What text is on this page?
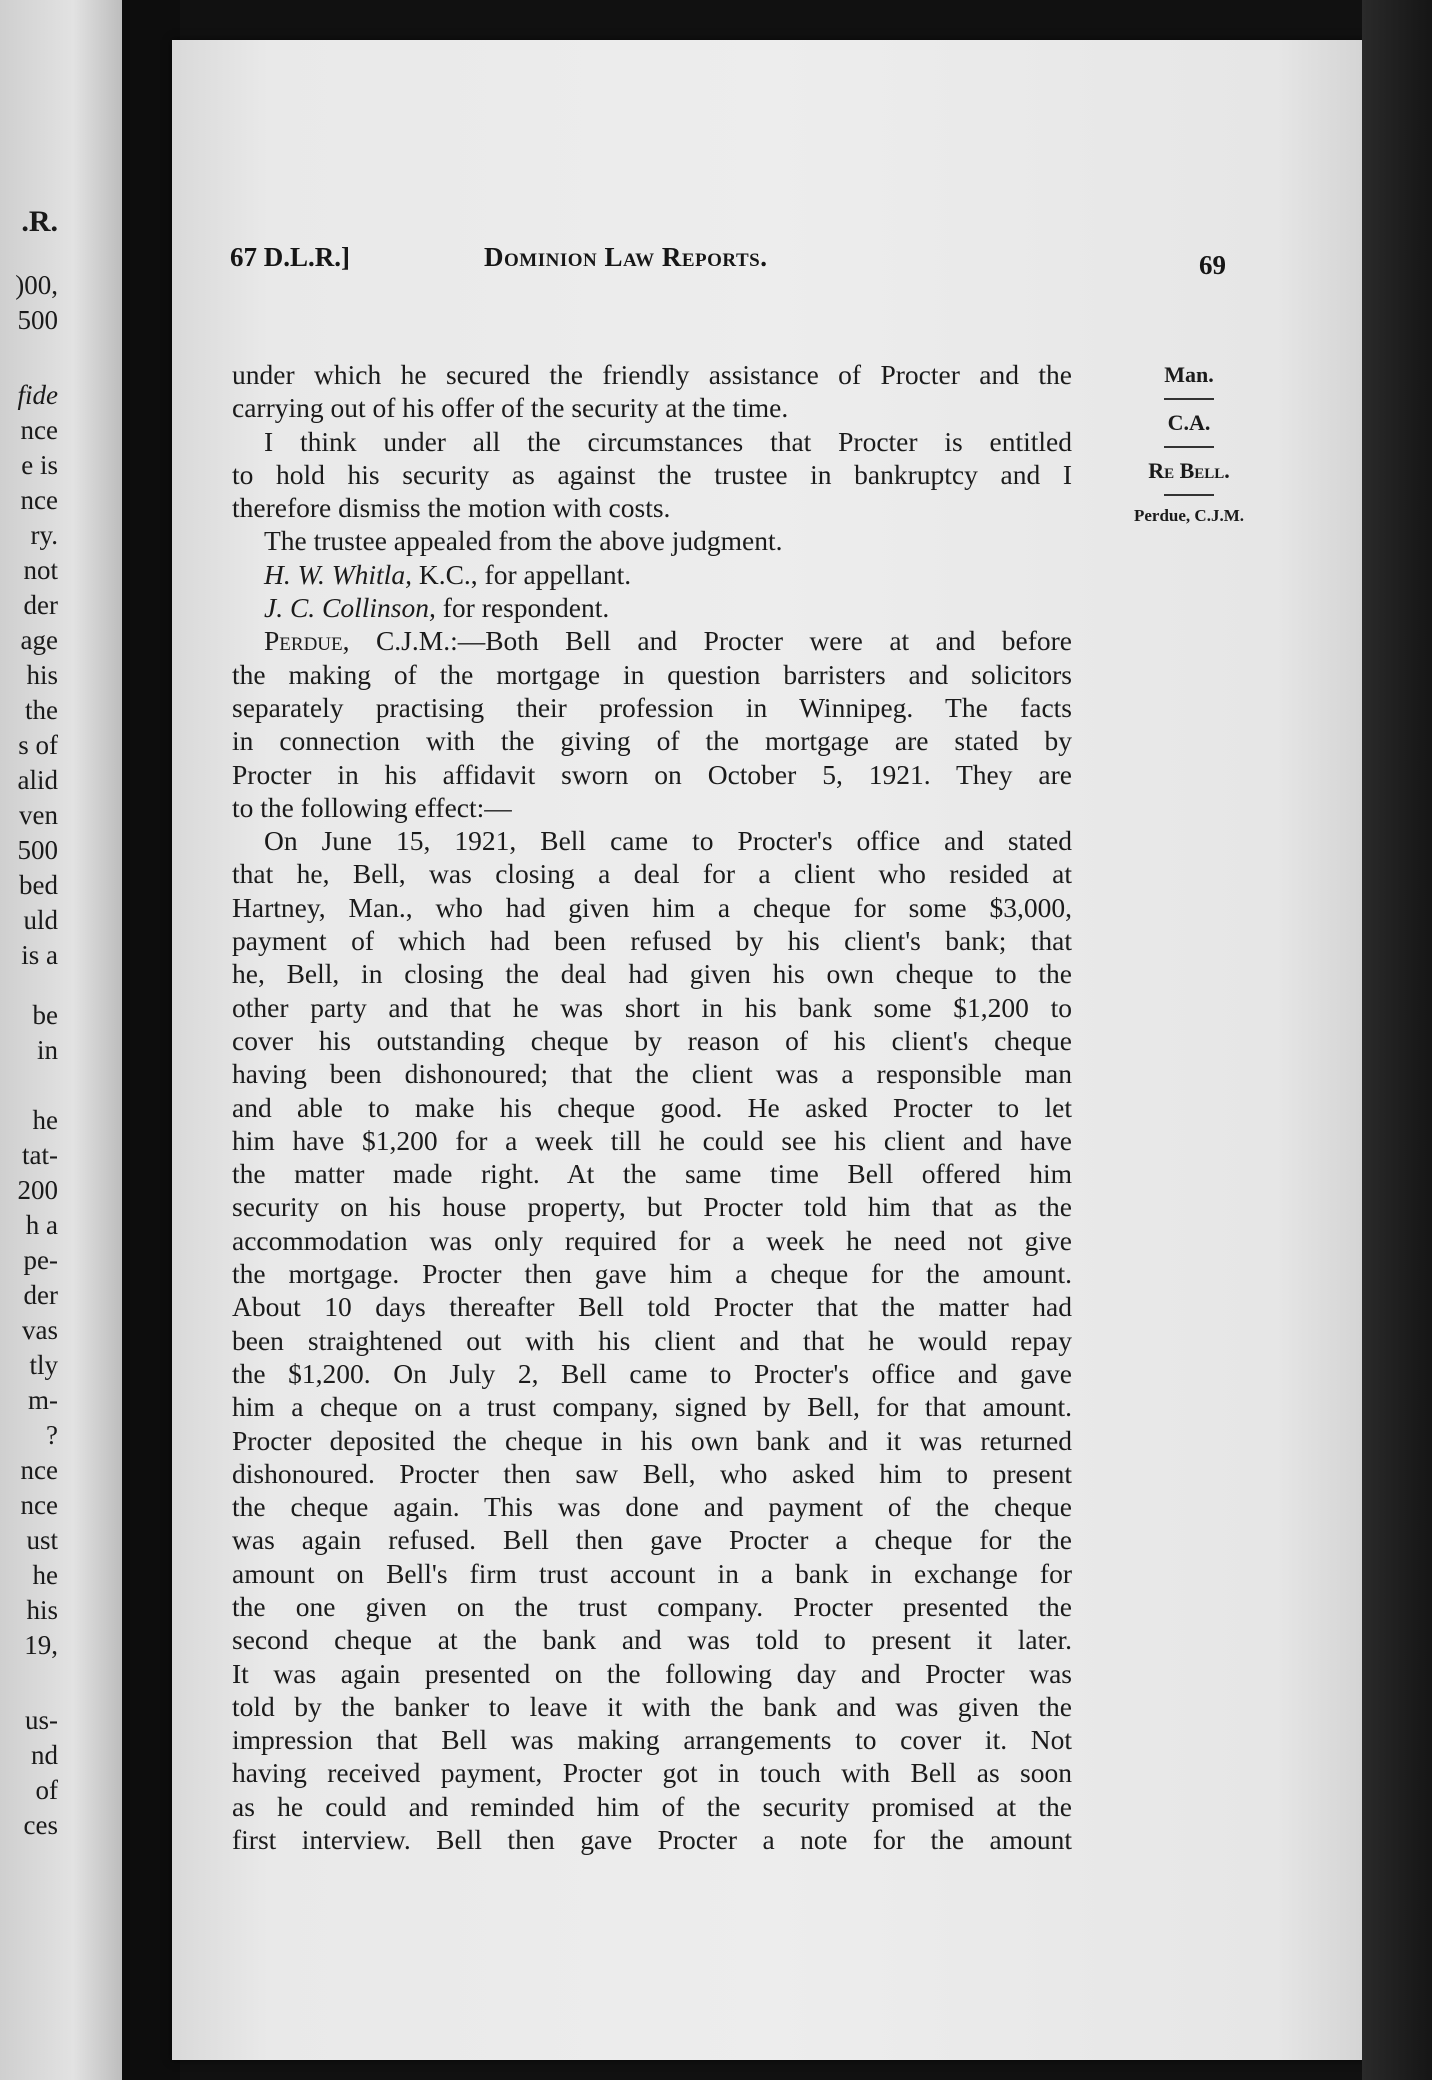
.R.
)00,
500
fide
nce
e is
nce
ry.
not
der
age
his
the
s of
alid
ven
500
bed
uld
is a
be
in
he
tat-
200
h a
pe-
der
vas
tly
m-
?
nce
nce
ust
he
his
19,
us-
nd
of
ces
67 D.L.R.]	Dominion Law Reports.	69
under which he secured the friendly assistance of Procter and the
carrying out of his offer of the security at the time.
I think under all the circumstances that Procter is entitled
to hold his security as against the trustee in bankruptcy and I
therefore dismiss the motion with costs.
The trustee appealed from the above judgment.
H. W. Whitla, K.C., for appellant.
J. C. Collinson, for respondent.
Perdue, C.J.M.:—Both Bell and Procter were at and before
the making of the mortgage in question barristers and solicitors
separately practising their profession in Winnipeg. The facts
in connection with the giving of the mortgage are stated by
Procter in his affidavit sworn on October 5, 1921. They are
to the following effect:—
On June 15, 1921, Bell came to Procter's office and stated
that he, Bell, was closing a deal for a client who resided at
Hartney, Man., who had given him a cheque for some $3,000,
payment of which had been refused by his client's bank; that
he, Bell, in closing the deal had given his own cheque to the
other party and that he was short in his bank some $1,200 to
cover his outstanding cheque by reason of his client's cheque
having been dishonoured; that the client was a responsible man
and able to make his cheque good. He asked Procter to let
him have $1,200 for a week till he could see his client and have
the matter made right. At the same time Bell offered him
security on his house property, but Procter told him that as the
accommodation was only required for a week he need not give
the mortgage. Procter then gave him a cheque for the amount.
About 10 days thereafter Bell told Procter that the matter had
been straightened out with his client and that he would repay
the $1,200. On July 2, Bell came to Procter's office and gave
him a cheque on a trust company, signed by Bell, for that amount.
Procter deposited the cheque in his own bank and it was returned
dishonoured. Procter then saw Bell, who asked him to present
the cheque again. This was done and payment of the cheque
was again refused. Bell then gave Procter a cheque for the
amount on Bell's firm trust account in a bank in exchange for
the one given on the trust company. Procter presented the
second cheque at the bank and was told to present it later.
It was again presented on the following day and Procter was
told by the banker to leave it with the bank and was given the
impression that Bell was making arrangements to cover it. Not
having received payment, Procter got in touch with Bell as soon
as he could and reminded him of the security promised at the
first interview. Bell then gave Procter a note for the amount
Man.
C.A.
Re Bell.
Perdue, C.J.M.
